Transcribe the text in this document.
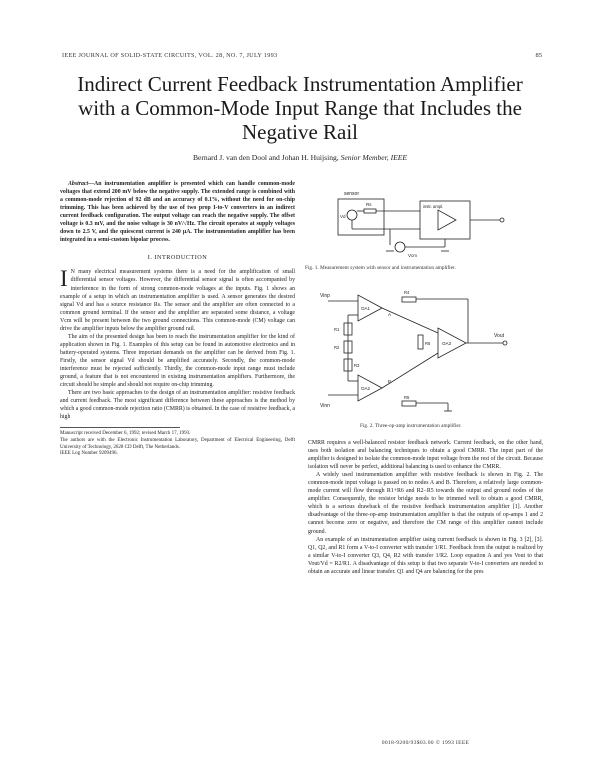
IEEE JOURNAL OF SOLID-STATE CIRCUITS, VOL. 28, NO. 7, JULY 1993	85
Indirect Current Feedback Instrumentation Amplifier with a Common-Mode Input Range that Includes the Negative Rail
Bernard J. van den Dool and Johan H. Huijsing, Senior Member, IEEE

Abstract—An instrumentation amplifier is presented which can handle common-mode voltages that extend 200 mV below the negative supply. The extended range is combined with a common-mode rejection of 92 dB and an accuracy of 0.1%, without the need for on-chip trimming. This has been achieved by the use of two prop I-to-V converters in an indirect current feedback configuration. The output voltage can reach the negative supply. The offset voltage is 0.3 mV, and the noise voltage is 30 nV/√Hz. The circuit operates at supply voltages down to 2.5 V, and the quiescent current is 240 μA. The instrumentation amplifier has been integrated in a semi-custom bipolar process.

I. INTRODUCTION

I N many electrical measurement systems there is a need for the amplification of small differential sensor voltages. However, the differential sensor signal is often accompanied by interference in the form of strong common-mode voltages at the inputs. Fig. 1 shows an example of a setup in which an instrumentation amplifier is used. A sensor generates the desired signal Vd and has a source resistance Rs. The sensor and the amplifier are often connected to a common ground terminal. If the sensor and the amplifier are separated some distance, a voltage Vcm will be present between the two ground connections. This common-mode (CM) voltage can drive the amplifier inputs below the amplifier ground rail.

The aim of the presented design has been to reach the instrumentation amplifier for the kind of application shown in Fig. 1. Examples of this setup can be found in automotive electronics and in battery-operated systems. Three important demands on the amplifier can be derived from Fig. 1. Firstly, the sensor signal Vd should be amplified accurately. Secondly, the common-mode interference must be rejected sufficiently. Thirdly, the common-mode input range must include ground, a feature that is not encountered in existing instrumentation amplifiers. Furthermore, the circuit should be simple and should not require on-chip trimming.

There are two basic approaches to the design of an instrumentation amplifier: resistive feedback and current feedback. The most significant difference between these approaches is the method by which a good common-mode rejection ratio (CMRR) is obtained. In the case of resistive feedback, a high

Manuscript received December 6, 1992; revised March 17, 1993.
The authors are with the Electronic Instrumentation Laboratory, Department of Electrical Engineering, Delft University of Technology, 2628 CD Delft, The Netherlands.
IEEE Log Number 9209496.
sensor
Vd
Rs	instr. ampl.
Vcm
Fig. 1. Measurement system with sensor and instrumentation amplifier.
Vinp
Vinn
Vout
OA1
OA2
OA3
R1
R2
R3
R4
R5
R6
A
B
Fig. 2. Three-op-amp instrumentation amplifier.

CMRR requires a well-balanced resistor feedback network. Current feedback, on the other hand, uses both isolation and balancing techniques to obtain a good CMRR. The input part of the amplifier is designed to isolate the common-mode input voltage from the rest of the circuit. Because isolation will never be perfect, additional balancing is used to enhance the CMRR.

A widely used instrumentation amplifier with resistive feedback is shown in Fig. 2. The common-mode input voltage is passed on to nodes A and B. Therefore, a relatively large common-mode current will flow through R1+R6 and R2−R5 towards the output and ground nodes of the amplifier. Consequently, the resistor bridge needs to be trimmed well to obtain a good CMRR, which is a serious drawback of the resistive feedback instrumentation amplifier [1]. Another disadvantage of the three-op-amp instrumentation amplifier is that the outputs of op-amps 1 and 2 cannot become zero or negative, and therefore the CM range of this amplifier cannot include ground.

An example of an instrumentation amplifier using current feedback is shown in Fig. 3 [2], [3]. Q1, Q2, and R1 form a V-to-I converter with transfer 1/R1. Feedback from the output is realized by a similar V-to-I converter Q3, Q4, R2 with transfer 1/R2. Loop equation A and yes Vout to that Vout/Vd = R2/R1. A disadvantage of this setup is that two separate V-to-I converters are needed to obtain an accurate and linear transfer. Q1 and Q4 are balancing for the pres

0018-9200/93$03.00 © 1993 IEEE
